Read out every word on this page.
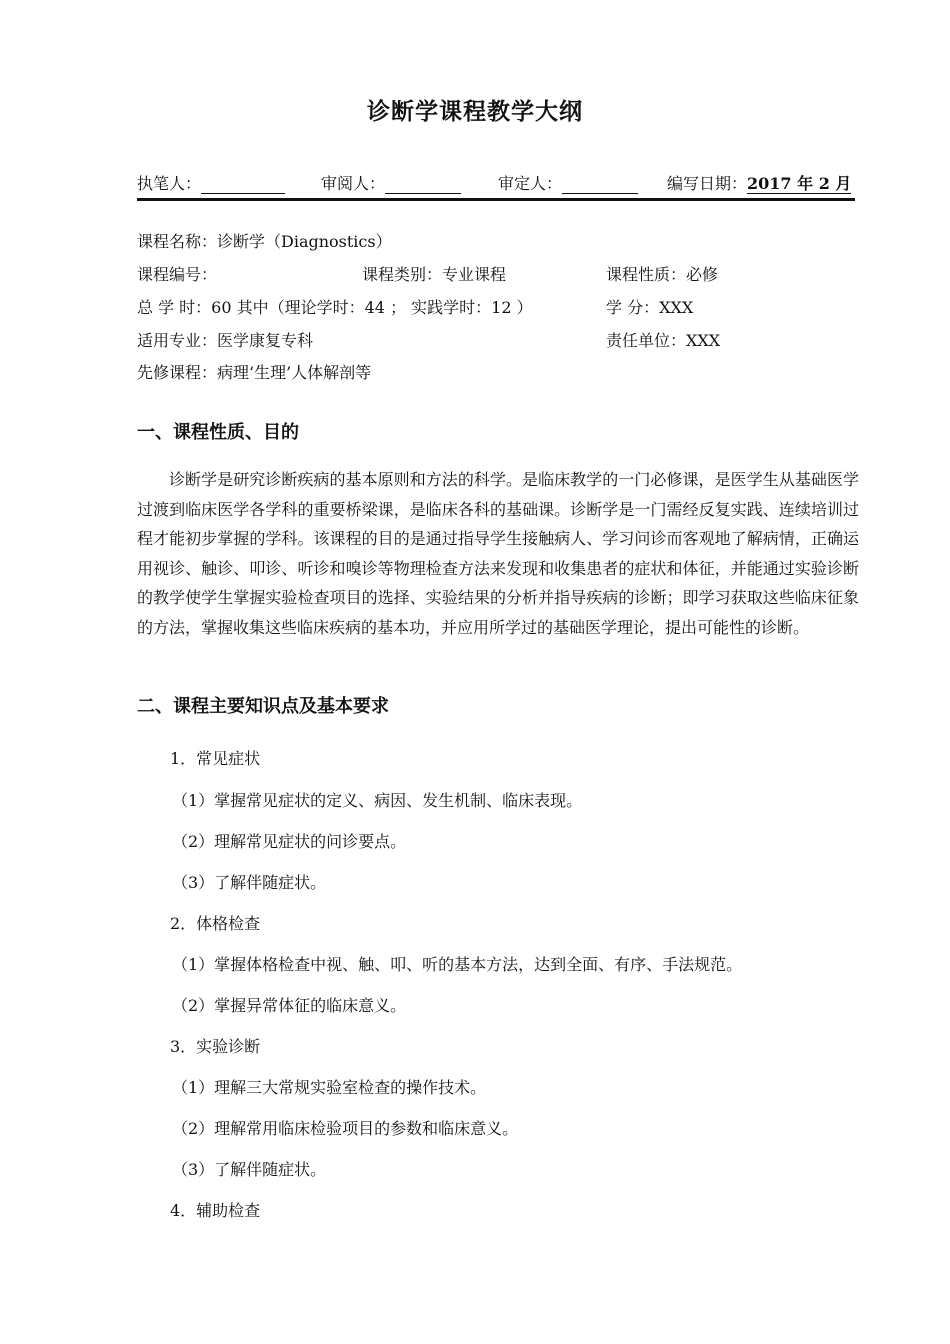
诊断学课程教学大纲
执笔人：	审阅人：	审定人：	编写日期：2017 年 2 月
课程名称：诊断学（Diagnostics）
课程编号：	课程类别：专业课程	课程性质：必修
总 学 时：60 其中（理论学时：44 ； 实践学时：12 ）	学 分：XXX
适用专业：医学康复专科	责任单位：XXX
先修课程：病理‘生理’人体解剖等
一、课程性质、目的
诊断学是研究诊断疾病的基本原则和方法的科学。是临床教学的一门必修课，是医学生从基础医学过渡到临床医学各学科的重要桥梁课，是临床各科的基础课。诊断学是一门需经反复实践、连续培训过程才能初步掌握的学科。该课程的目的是通过指导学生接触病人、学习问诊而客观地了解病情，正确运用视诊、触诊、叩诊、听诊和嗅诊等物理检查方法来发现和收集患者的症状和体征，并能通过实验诊断的教学使学生掌握实验检查项目的选择、实验结果的分析并指导疾病的诊断；即学习获取这些临床征象的方法，掌握收集这些临床疾病的基本功，并应用所学过的基础医学理论，提出可能性的诊断。
二、课程主要知识点及基本要求
1．常见症状
（1）掌握常见症状的定义、病因、发生机制、临床表现。
（2）理解常见症状的问诊要点。
（3）了解伴随症状。
2．体格检查
（1）掌握体格检查中视、触、叩、听的基本方法，达到全面、有序、手法规范。
（2）掌握异常体征的临床意义。
3．实验诊断
（1）理解三大常规实验室检查的操作技术。
（2）理解常用临床检验项目的参数和临床意义。
（3）了解伴随症状。
4．辅助检查
